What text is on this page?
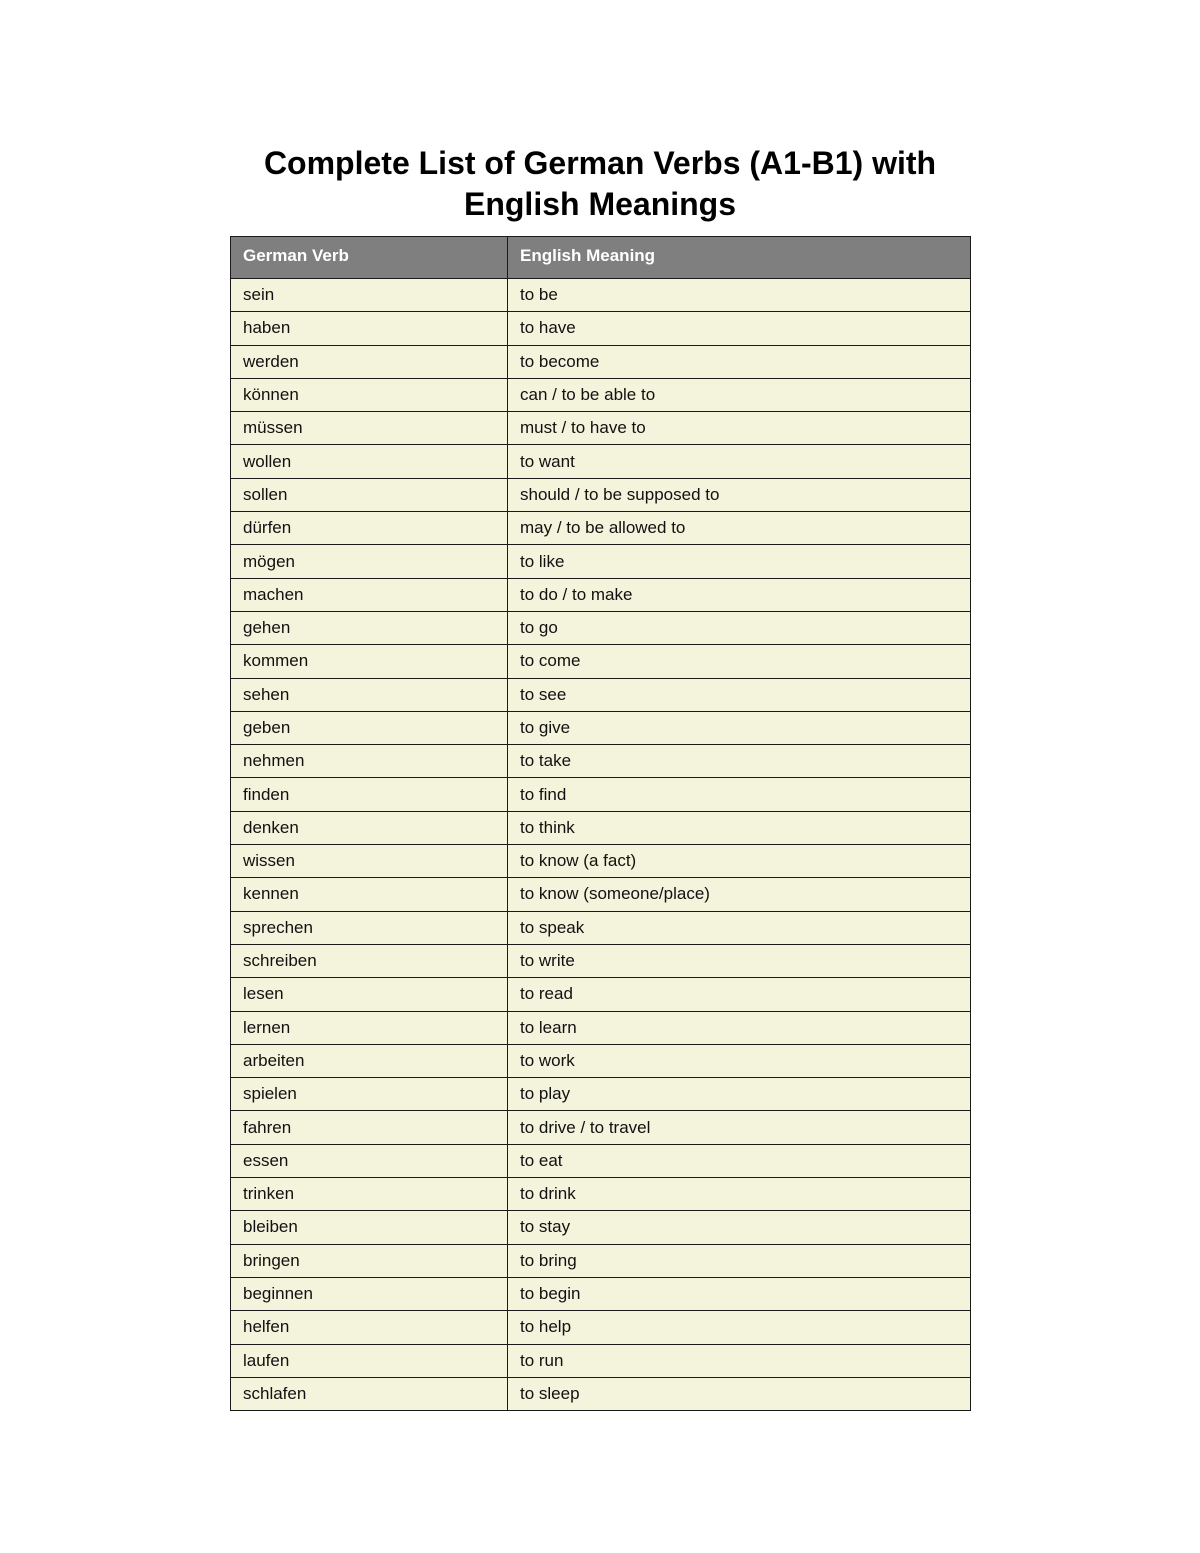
Complete List of German Verbs (A1-B1) with English Meanings
German Verb	English Meaning
sein	to be
haben	to have
werden	to become
können	can / to be able to
müssen	must / to have to
wollen	to want
sollen	should / to be supposed to
dürfen	may / to be allowed to
mögen	to like
machen	to do / to make
gehen	to go
kommen	to come
sehen	to see
geben	to give
nehmen	to take
finden	to find
denken	to think
wissen	to know (a fact)
kennen	to know (someone/place)
sprechen	to speak
schreiben	to write
lesen	to read
lernen	to learn
arbeiten	to work
spielen	to play
fahren	to drive / to travel
essen	to eat
trinken	to drink
bleiben	to stay
bringen	to bring
beginnen	to begin
helfen	to help
laufen	to run
schlafen	to sleep
